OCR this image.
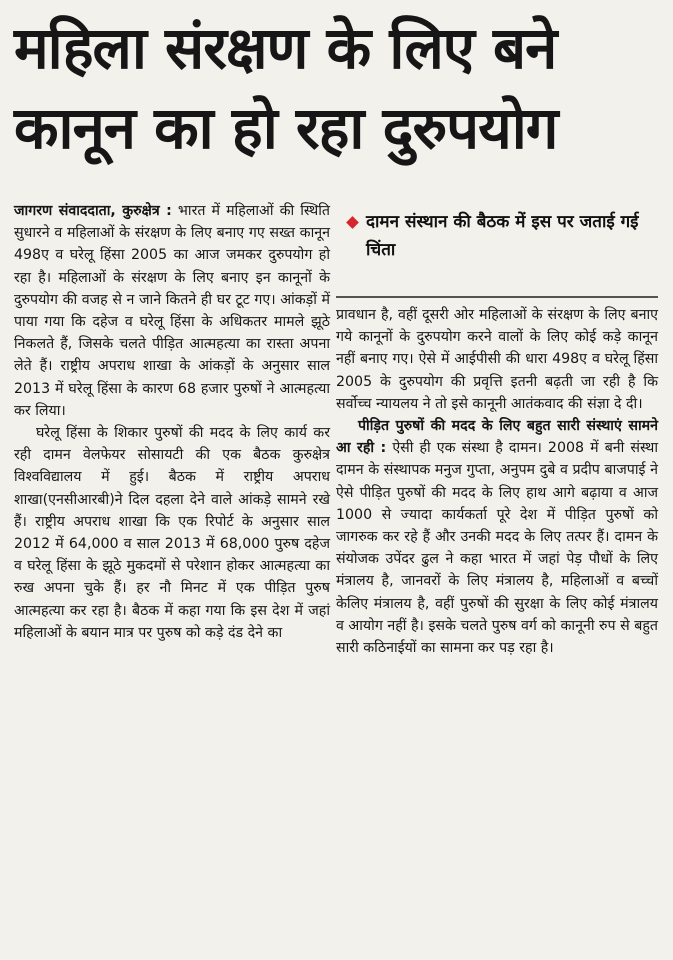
महिला संरक्षण के लिए बने
कानून का हो रहा दुरुपयोग
दामन संस्थान की बैठक में इस पर जताई गई चिंता

जागरण संवाददाता, कुरुक्षेत्र : भारत में महिलाओं की स्थिति सुधारने व महिलाओं के संरक्षण के लिए बनाए गए सख्त कानून 498ए व घरेलू हिंसा 2005 का आज जमकर दुरुपयोग हो रहा है। महिलाओं के संरक्षण के लिए बनाए इन कानूनों के दुरुपयोग की वजह से न जाने कितने ही घर टूट गए। आंकड़ों में पाया गया कि दहेज व घरेलू हिंसा के अधिकतर मामले झूठे निकलते हैं, जिसके चलते पीड़ित आत्महत्या का रास्ता अपना लेते हैं। राष्ट्रीय अपराध शाखा के आंकड़ों के अनुसार साल 2013 में घरेलू हिंसा के कारण 68 हजार पुरुषों ने आत्महत्या कर लिया।

घरेलू हिंसा के शिकार पुरुषों की मदद के लिए कार्य कर रही दामन वेलफेयर सोसायटी की एक बैठक कुरुक्षेत्र विश्वविद्यालय में हुई। बैठक में राष्ट्रीय अपराध शाखा(एनसीआरबी)ने दिल दहला देने वाले आंकड़े सामने रखे हैं। राष्ट्रीय अपराध शाखा कि एक रिपोर्ट के अनुसार साल 2012 में 64,000 व साल 2013 में 68,000 पुरुष दहेज व घरेलू हिंसा के झूठे मुकदमों से परेशान होकर आत्महत्या का रुख अपना चुके हैं। हर नौ मिनट में एक पीड़ित पुरुष आत्महत्या कर रहा है। बैठक में कहा गया कि इस देश में जहां महिलाओं के बयान मात्र पर पुरुष को कड़े दंड देने का

प्रावधान है, वहीं दूसरी ओर महिलाओं के संरक्षण के लिए बनाए गये कानूनों के दुरुपयोग करने वालों के लिए कोई कड़े कानून नहीं बनाए गए। ऐसे में आईपीसी की धारा 498ए व घरेलू हिंसा 2005 के दुरुपयोग की प्रवृत्ति इतनी बढ़ती जा रही है कि सर्वोच्च न्यायलय ने तो इसे कानूनी आतंकवाद की संज्ञा दे दी।

पीड़ित पुरुषों की मदद के लिए बहुत सारी संस्थाएं सामने आ रही : ऐसी ही एक संस्था है दामन। 2008 में बनी संस्था दामन के संस्थापक मनुज गुप्ता, अनुपम दुबे व प्रदीप बाजपाई ने ऐसे पीड़ित पुरुषों की मदद के लिए हाथ आगे बढ़ाया व आज 1000 से ज्यादा कार्यकर्ता पूरे देश में पीड़ित पुरुषों को जागरुक कर रहे हैं और उनकी मदद के लिए तत्पर हैं। दामन के संयोजक उपेंदर ढुल ने कहा भारत में जहां पेड़ पौधों के लिए मंत्रालय है, जानवरों के लिए मंत्रालय है, महिलाओं व बच्चों केलिए मंत्रालय है, वहीं पुरुषों की सुरक्षा के लिए कोई मंत्रालय व आयोग नहीं है। इसके चलते पुरुष वर्ग को कानूनी रुप से बहुत सारी कठिनाईयों का सामना कर पड़ रहा है।
